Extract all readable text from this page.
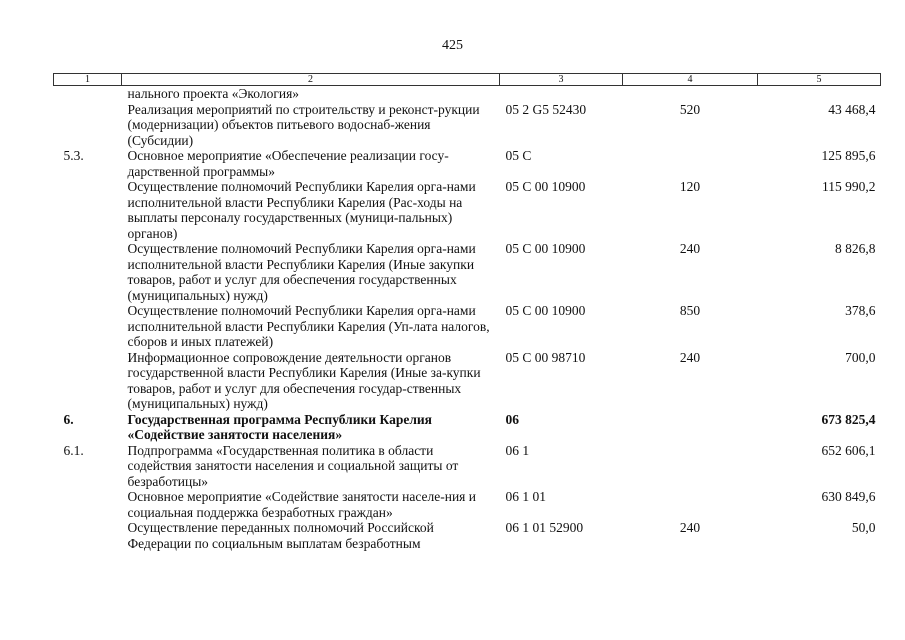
425
1	2	3	4	5
	нального проекта «Экология»			
	Реализация мероприятий по строительству и реконст-рукции (модернизации) объектов питьевого водоснаб-жения (Субсидии)	05 2 G5 52430	520	43 468,4
5.3.	Основное мероприятие «Обеспечение реализации госу-дарственной программы»	05 С		125 895,6
	Осуществление полномочий Республики Карелия орга-нами исполнительной власти Республики Карелия (Рас-ходы на выплаты персоналу государственных (муници-пальных) органов)	05 С 00 10900	120	115 990,2
	Осуществление полномочий Республики Карелия орга-нами исполнительной власти Республики Карелия (Иные закупки товаров, работ и услуг для обеспечения государственных (муниципальных) нужд)	05 С 00 10900	240	8 826,8
	Осуществление полномочий Республики Карелия орга-нами исполнительной власти Республики Карелия (Уп-лата налогов, сборов и иных платежей)	05 С 00 10900	850	378,6
	Информационное сопровождение деятельности органов государственной власти Республики Карелия (Иные за-купки товаров, работ и услуг для обеспечения государ-ственных (муниципальных) нужд)	05 С 00 98710	240	700,0
6.	Государственная программа Республики Карелия «Содействие занятости населения»	06		673 825,4
6.1.	Подпрограмма «Государственная политика в области содействия занятости населения и социальной защиты от безработицы»	06 1		652 606,1
	Основное мероприятие «Содействие занятости населе-ния и социальная поддержка безработных граждан»	06 1 01		630 849,6
	Осуществление переданных полномочий Российской Федерации по социальным выплатам безработным	06 1 01 52900	240	50,0
